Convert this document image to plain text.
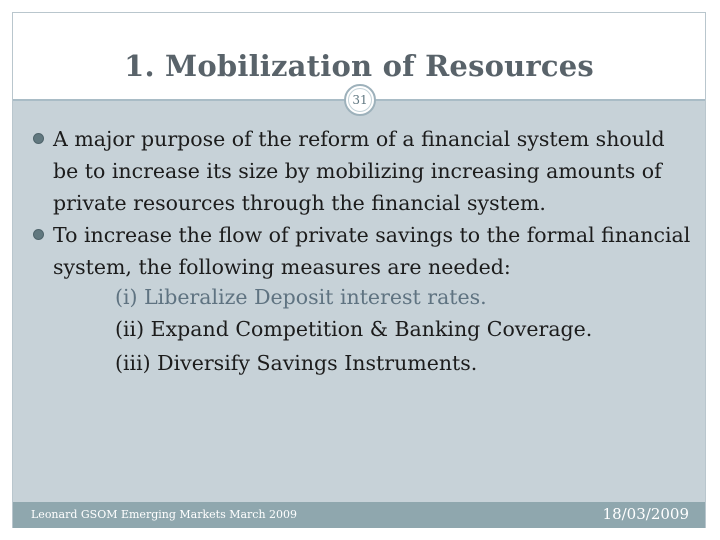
1. Mobilization of Resources
A major purpose of the reform of a financial system should be to increase its size by mobilizing increasing amounts of private resources through the financial system.
To increase the flow of private savings to the formal financial system, the following measures are needed:
(i) Liberalize Deposit interest rates.
(ii) Expand Competition & Banking Coverage.
(iii) Diversify Savings Instruments.
31
Leonard GSOM Emerging Markets March 2009	18/03/2009
